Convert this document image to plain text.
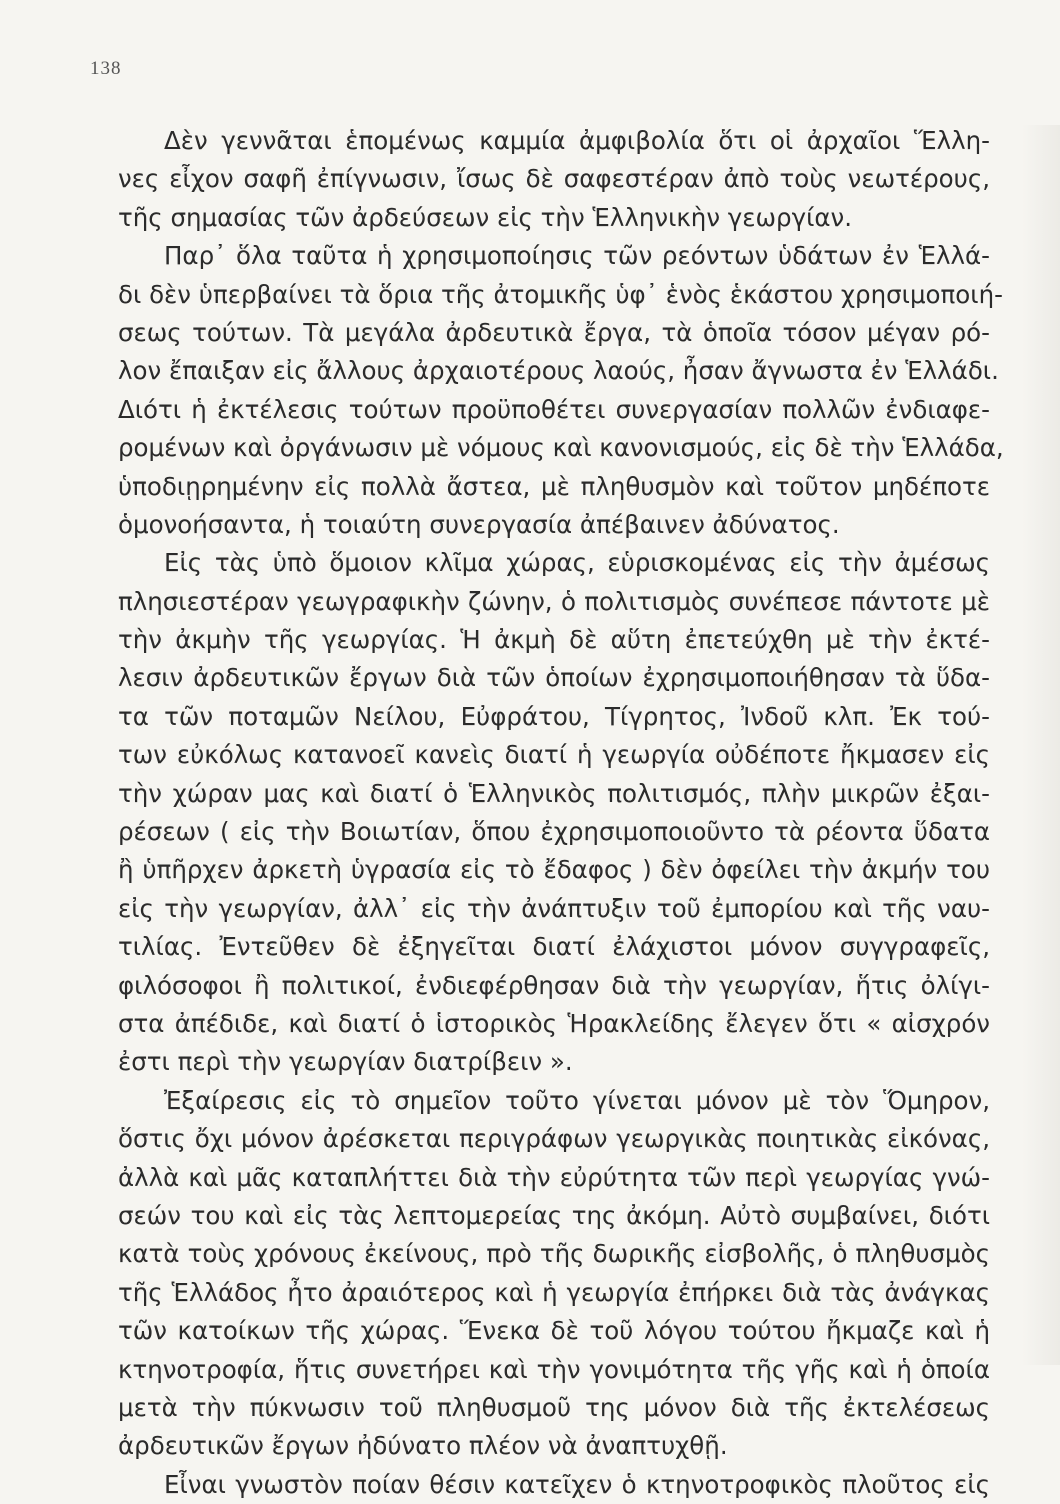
138
Δὲν γεννᾶται ἑπομένως καμμία ἀμφιβολία ὅτι οἱ ἀρχαῖοι Ἕλλη-
νες εἶχον σαφῆ ἐπίγνωσιν, ἴσως δὲ σαφεστέραν ἀπὸ τοὺς νεωτέρους,
τῆς σημασίας τῶν ἀρδεύσεων εἰς τὴν Ἑλληνικὴν γεωργίαν.
Παρ᾿ ὅλα ταῦτα ἡ χρησιμοποίησις τῶν ρεόντων ὑδάτων ἐν Ἑλλά-
δι δὲν ὑπερβαίνει τὰ ὅρια τῆς ἀτομικῆς ὑφ᾿ ἑνὸς ἑκάστου χρησιμοποιή-
σεως τούτων. Τὰ μεγάλα ἀρδευτικὰ ἔργα, τὰ ὁποῖα τόσον μέγαν ρό-
λον ἔπαιξαν εἰς ἄλλους ἀρχαιοτέρους λαούς, ἦσαν ἄγνωστα ἐν Ἑλλάδι.
Διότι ἡ ἐκτέλεσις τούτων προϋποθέτει συνεργασίαν πολλῶν ἐνδιαφε-
ρομένων καὶ ὀργάνωσιν μὲ νόμους καὶ κανονισμούς, εἰς δὲ τὴν Ἑλλάδα,
ὑποδιῃρημένην εἰς πολλὰ ἄστεα, μὲ πληθυσμὸν καὶ τοῦτον μηδέποτε
ὁμονοήσαντα, ἡ τοιαύτη συνεργασία ἀπέβαινεν ἀδύνατος.
Εἰς τὰς ὑπὸ ὅμοιον κλῖμα χώρας, εὑρισκομένας εἰς τὴν ἀμέσως
πλησιεστέραν γεωγραφικὴν ζώνην, ὁ πολιτισμὸς συνέπεσε πάντοτε μὲ
τὴν ἀκμὴν τῆς γεωργίας. Ἡ ἀκμὴ δὲ αὕτη ἐπετεύχθη μὲ τὴν ἐκτέ-
λεσιν ἀρδευτικῶν ἔργων διὰ τῶν ὁποίων ἐχρησιμοποιήθησαν τὰ ὕδα-
τα τῶν ποταμῶν Νείλου, Εὐφράτου, Τίγρητος, Ἰνδοῦ κλπ. Ἐκ τού-
των εὐκόλως κατανοεῖ κανεὶς διατί ἡ γεωργία οὐδέποτε ἤκμασεν εἰς
τὴν χώραν μας καὶ διατί ὁ Ἑλληνικὸς πολιτισμός, πλὴν μικρῶν ἐξαι-
ρέσεων ( εἰς τὴν Βοιωτίαν, ὅπου ἐχρησιμοποιοῦντο τὰ ρέοντα ὕδατα
ἢ ὑπῆρχεν ἀρκετὴ ὑγρασία εἰς τὸ ἔδαφος ) δὲν ὀφείλει τὴν ἀκμήν του
εἰς τὴν γεωργίαν, ἀλλ᾿ εἰς τὴν ἀνάπτυξιν τοῦ ἐμπορίου καὶ τῆς ναυ-
τιλίας. Ἐντεῦθεν δὲ ἐξηγεῖται διατί ἐλάχιστοι μόνον συγγραφεῖς,
φιλόσοφοι ἢ πολιτικοί, ἐνδιεφέρθησαν διὰ τὴν γεωργίαν, ἥτις ὀλίγι-
στα ἀπέδιδε, καὶ διατί ὁ ἱστορικὸς Ἡρακλείδης ἔλεγεν ὅτι « αἰσχρόν
ἐστι περὶ τὴν γεωργίαν διατρίβειν ».
Ἐξαίρεσις εἰς τὸ σημεῖον τοῦτο γίνεται μόνον μὲ τὸν Ὅμηρον,
ὅστις ὄχι μόνον ἀρέσκεται περιγράφων γεωργικὰς ποιητικὰς εἰκόνας,
ἀλλὰ καὶ μᾶς καταπλήττει διὰ τὴν εὐρύτητα τῶν περὶ γεωργίας γνώ-
σεών του καὶ εἰς τὰς λεπτομερείας της ἀκόμη. Αὐτὸ συμβαίνει, διότι
κατὰ τοὺς χρόνους ἐκείνους, πρὸ τῆς δωρικῆς εἰσβολῆς, ὁ πληθυσμὸς
τῆς Ἑλλάδος ἦτο ἀραιότερος καὶ ἡ γεωργία ἐπήρκει διὰ τὰς ἀνάγκας
τῶν κατοίκων τῆς χώρας. Ἕνεκα δὲ τοῦ λόγου τούτου ἤκμαζε καὶ ἡ
κτηνοτροφία, ἥτις συνετήρει καὶ τὴν γονιμότητα τῆς γῆς καὶ ἡ ὁποία
μετὰ τὴν πύκνωσιν τοῦ πληθυσμοῦ της μόνον διὰ τῆς ἐκτελέσεως
ἀρδευτικῶν ἔργων ἠδύνατο πλέον νὰ ἀναπτυχθῇ.
Εἶναι γνωστὸν ποίαν θέσιν κατεῖχεν ὁ κτηνοτροφικὸς πλοῦτος εἰς
